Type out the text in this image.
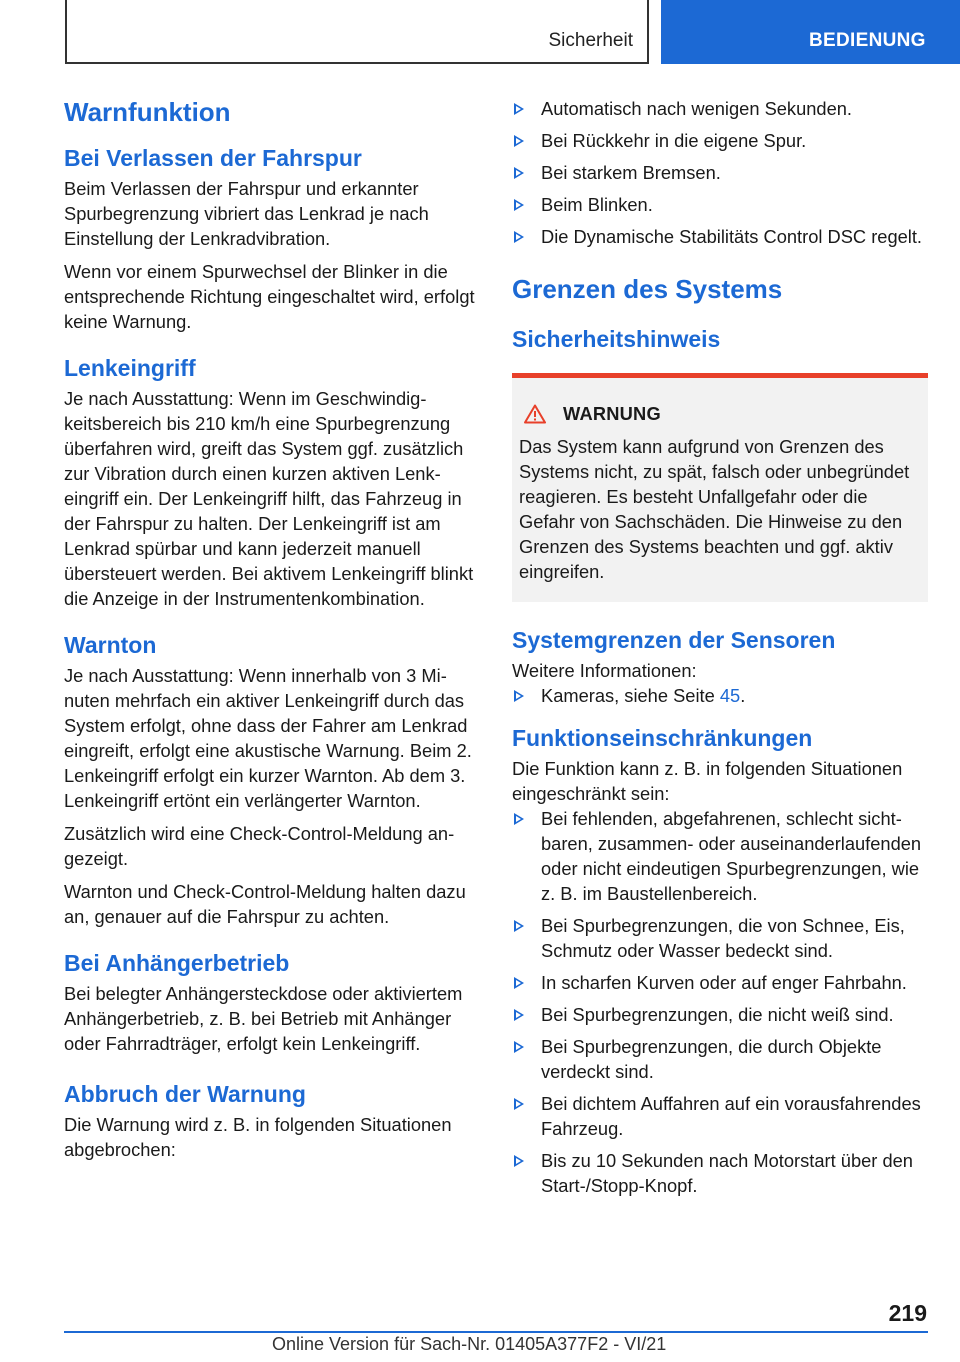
Sicherheit	BEDIENUNG
Warnfunktion
Bei Verlassen der Fahrspur

Beim Verlassen der Fahrspur und erkannter Spurbegrenzung vibriert das Lenkrad je nach Einstellung der Lenkradvibration.

Wenn vor einem Spurwechsel der Blinker in die entsprechende Richtung eingeschaltet wird, erfolgt keine Warnung.

Lenkeingriff

Je nach Ausstattung: Wenn im Geschwindigkeitsbereich bis 210 km/h eine Spurbegrenzung überfahren wird, greift das System ggf. zusätzlich zur Vibration durch einen kurzen aktiven Lenkeingriff ein. Der Lenkeingriff hilft, das Fahrzeug in der Fahrspur zu halten. Der Lenkeingriff ist am Lenkrad spürbar und kann jederzeit manuell übersteuert werden. Bei aktivem Lenkeingriff blinkt die Anzeige in der Instrumentenkombination.

Warnton

Je nach Ausstattung: Wenn innerhalb von 3 Minuten mehrfach ein aktiver Lenkeingriff durch das System erfolgt, ohne dass der Fahrer am Lenkrad eingreift, erfolgt eine akustische Warnung. Beim 2. Lenkeingriff erfolgt ein kurzer Warnton. Ab dem 3. Lenkeingriff ertönt ein verlängerter Warnton.

Zusätzlich wird eine Check-Control-Meldung angezeigt.

Warnton und Check-Control-Meldung halten dazu an, genauer auf die Fahrspur zu achten.

Bei Anhängerbetrieb

Bei belegter Anhängersteckdose oder aktiviertem Anhängerbetrieb, z. B. bei Betrieb mit Anhänger oder Fahrradträger, erfolgt kein Lenkeingriff.

Abbruch der Warnung

Die Warnung wird z. B. in folgenden Situationen abgebrochen:

Automatisch nach wenigen Sekunden.
Bei Rückkehr in die eigene Spur.
Bei starkem Bremsen.
Beim Blinken.
Die Dynamische Stabilitäts Control DSC regelt.
Grenzen des Systems
Sicherheitshinweis
WARNUNG

Das System kann aufgrund von Grenzen des Systems nicht, zu spät, falsch oder unbegründet reagieren. Es besteht Unfallgefahr oder die Gefahr von Sachschäden. Die Hinweise zu den Grenzen des Systems beachten und ggf. aktiv eingreifen.

Systemgrenzen der Sensoren

Weitere Informationen:

Kameras, siehe Seite 45.
Funktionseinschränkungen

Die Funktion kann z. B. in folgenden Situationen eingeschränkt sein:

Bei fehlenden, abgefahrenen, schlecht sichtbaren, zusammen- oder auseinanderlaufenden oder nicht eindeutigen Spurbegrenzungen, wie z. B. im Baustellenbereich.
Bei Spurbegrenzungen, die von Schnee, Eis, Schmutz oder Wasser bedeckt sind.
In scharfen Kurven oder auf enger Fahrbahn.
Bei Spurbegrenzungen, die nicht weiß sind.
Bei Spurbegrenzungen, die durch Objekte verdeckt sind.
Bei dichtem Auffahren auf ein vorausfahrendes Fahrzeug.
Bis zu 10 Sekunden nach Motorstart über den Start-/Stopp-Knopf.
219
Online Version für Sach-Nr. 01405A377F2 - VI/21
